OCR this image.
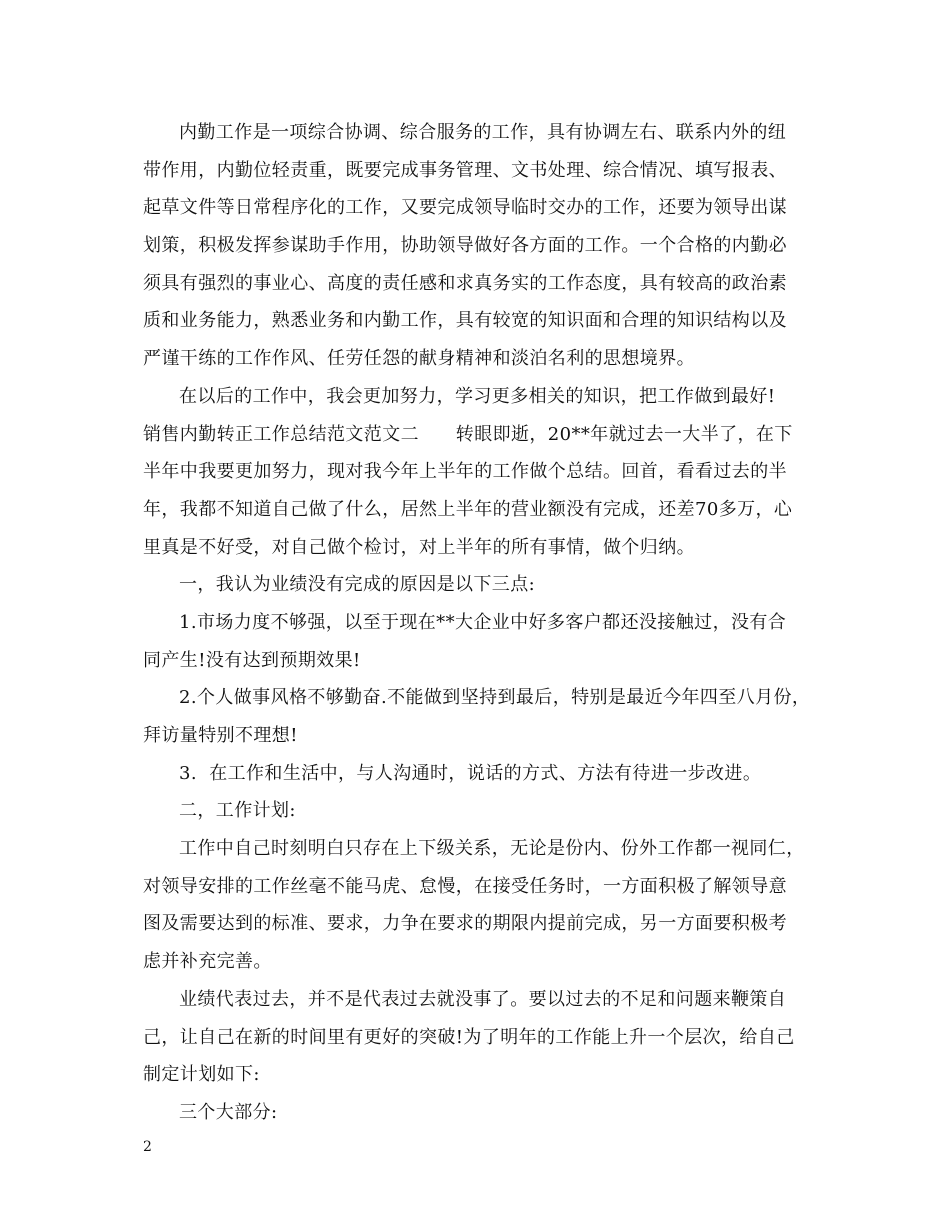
内勤工作是一项综合协调、综合服务的工作，具有协调左右、联系内外的纽
带作用，内勤位轻责重，既要完成事务管理、文书处理、综合情况、填写报表、
起草文件等日常程序化的工作，又要完成领导临时交办的工作，还要为领导出谋
划策，积极发挥参谋助手作用，协助领导做好各方面的工作。一个合格的内勤必
须具有强烈的事业心、高度的责任感和求真务实的工作态度，具有较高的政治素
质和业务能力，熟悉业务和内勤工作，具有较宽的知识面和合理的知识结构以及
严谨干练的工作作风、任劳任怨的献身精神和淡泊名利的思想境界。
在以后的工作中，我会更加努力，学习更多相关的知识，把工作做到最好!
销售内勤转正工作总结范文范文二　　转眼即逝，20**年就过去一大半了，在下
半年中我要更加努力，现对我今年上半年的工作做个总结。回首，看看过去的半
年，我都不知道自己做了什么，居然上半年的营业额没有完成，还差70多万，心
里真是不好受，对自己做个检讨，对上半年的所有事情，做个归纳。
一，我认为业绩没有完成的原因是以下三点:
1.市场力度不够强，以至于现在**大企业中好多客户都还没接触过，没有合
同产生!没有达到预期效果!
2.个人做事风格不够勤奋.不能做到坚持到最后，特别是最近今年四至八月份，
拜访量特别不理想!
3.  在工作和生活中，与人沟通时，说话的方式、方法有待进一步改进。
二，工作计划:
工作中自己时刻明白只存在上下级关系，无论是份内、份外工作都一视同仁，
对领导安排的工作丝毫不能马虎、怠慢，在接受任务时，一方面积极了解领导意
图及需要达到的标准、要求，力争在要求的期限内提前完成，另一方面要积极考
虑并补充完善。
业绩代表过去，并不是代表过去就没事了。要以过去的不足和问题来鞭策自
己，让自己在新的时间里有更好的突破!为了明年的工作能上升一个层次，给自己
制定计划如下:
三个大部分:
2
